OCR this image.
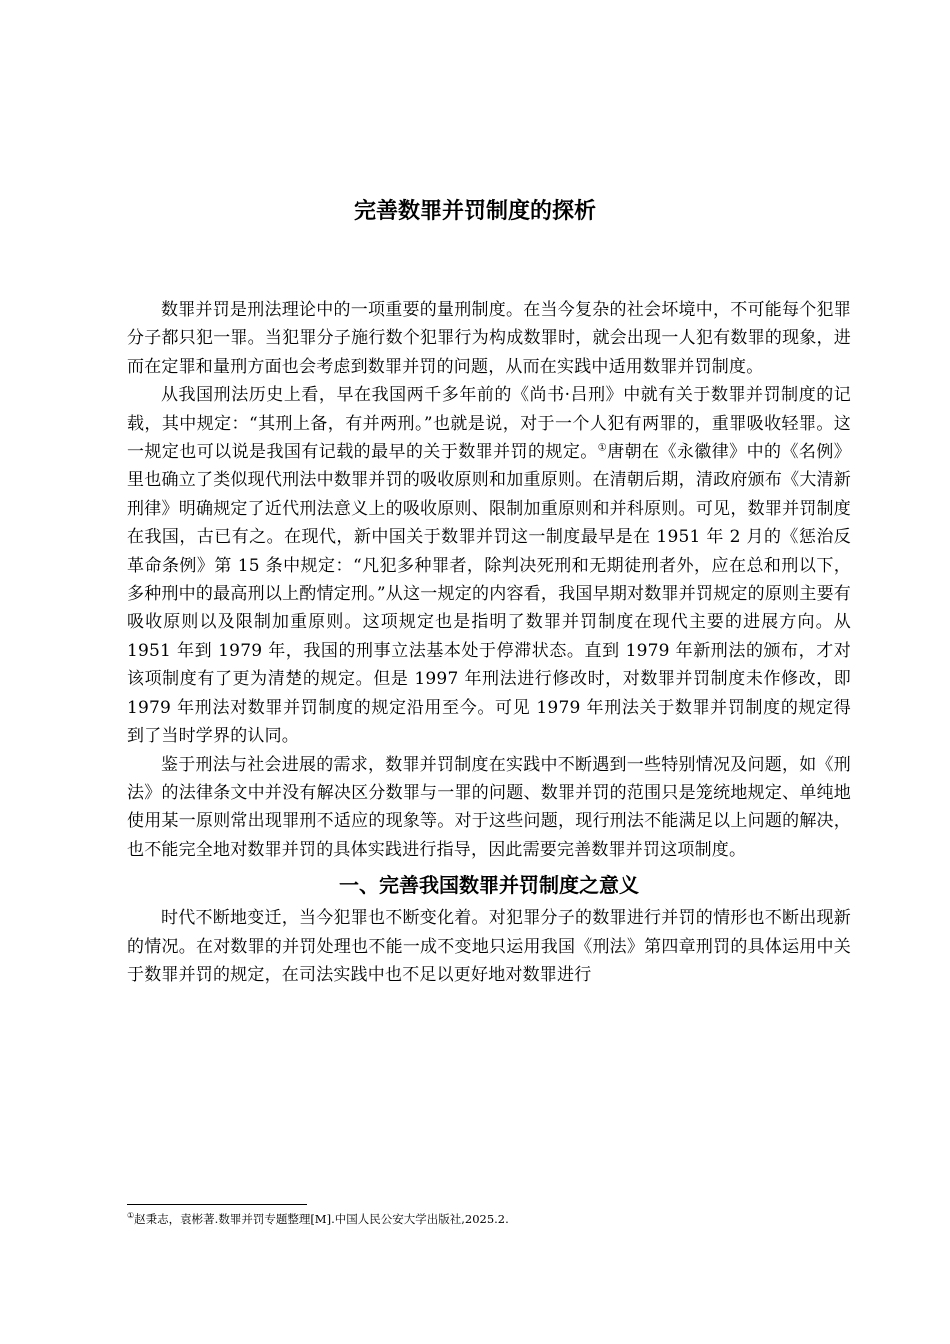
完善数罪并罚制度的探析

数罪并罚是刑法理论中的一项重要的量刑制度。在当今复杂的社会坏境中，不可能每个犯罪分子都只犯一罪。当犯罪分子施行数个犯罪行为构成数罪时，就会出现一人犯有数罪的现象，进而在定罪和量刑方面也会考虑到数罪并罚的问题，从而在实践中适用数罪并罚制度。

从我国刑法历史上看，早在我国两千多年前的《尚书·吕刑》中就有关于数罪并罚制度的记载，其中规定：“其刑上备，有并两刑。”也就是说，对于一个人犯有两罪的，重罪吸收轻罪。这一规定也可以说是我国有记载的最早的关于数罪并罚的规定。①唐朝在《永徽律》中的《名例》里也确立了类似现代刑法中数罪并罚的吸收原则和加重原则。在清朝后期，清政府颁布《大清新刑律》明确规定了近代刑法意义上的吸收原则、限制加重原则和并科原则。可见，数罪并罚制度在我国，古已有之。在现代，新中国关于数罪并罚这一制度最早是在 1951 年 2 月的《惩治反革命条例》第 15 条中规定：“凡犯多种罪者，除判决死刑和无期徒刑者外，应在总和刑以下，多种刑中的最高刑以上酌情定刑。”从这一规定的内容看，我国早期对数罪并罚规定的原则主要有吸收原则以及限制加重原则。这项规定也是指明了数罪并罚制度在现代主要的进展方向。从 1951 年到 1979 年，我国的刑事立法基本处于停滞状态。直到 1979 年新刑法的颁布，才对该项制度有了更为清楚的规定。但是 1997 年刑法进行修改时，对数罪并罚制度未作修改，即 1979 年刑法对数罪并罚制度的规定沿用至今。可见 1979 年刑法关于数罪并罚制度的规定得到了当时学界的认同。

鉴于刑法与社会进展的需求，数罪并罚制度在实践中不断遇到一些特别情况及问题，如《刑法》的法律条文中并没有解决区分数罪与一罪的问题、数罪并罚的范围只是笼统地规定、单纯地使用某一原则常出现罪刑不适应的现象等。对于这些问题，现行刑法不能满足以上问题的解决，也不能完全地对数罪并罚的具体实践进行指导，因此需要完善数罪并罚这项制度。

一、完善我国数罪并罚制度之意义

时代不断地变迁，当今犯罪也不断变化着。对犯罪分子的数罪进行并罚的情形也不断出现新的情况。在对数罪的并罚处理也不能一成不变地只运用我国《刑法》第四章刑罚的具体运用中关于数罪并罚的规定，在司法实践中也不足以更好地对数罪进行

①赵秉志，袁彬著.数罪并罚专题整理[M].中国人民公安大学出版社,2025.2.
